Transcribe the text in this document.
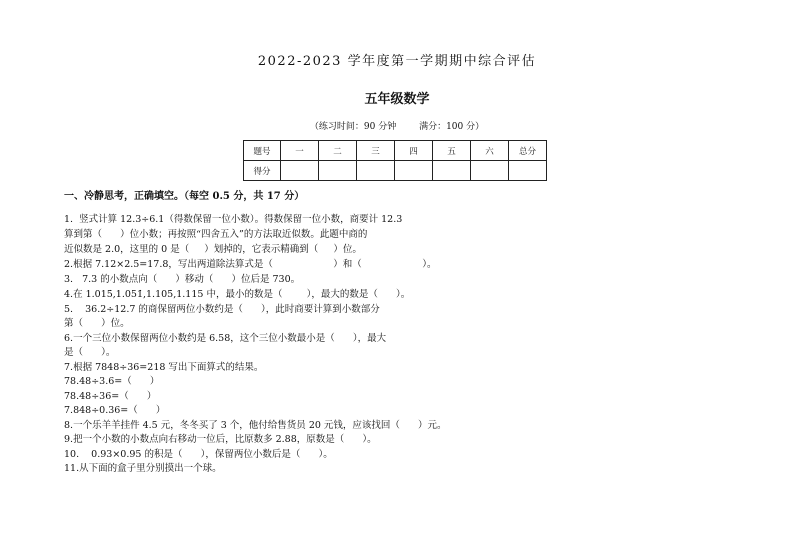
2022-2023 学年度第一学期期中综合评估
五年级数学
（练习时间：90 分钟        满分：100 分）
题号	一	二	三	四	五	六	总分
得分							
一、冷静思考，正确填空。（每空 0.5 分，共 17 分）
1.  竖式计算 12.3÷6.1（得数保留一位小数）。得数保留一位小数，商要计 12.3
算到第（      ）位小数；再按照“四舍五入”的方法取近似数。此题中商的
近似数是 2.0，这里的 0 是（     ）划掉的，它表示精确到（     ）位。
2.根据 7.12×2.5=17.8，写出两道除法算式是（                    ）和（                    ）。
3.   7.3 的小数点向（      ）移动（      ）位后是 730。
4.在 1.015̇,1.051̇,1.105̇,1.115 中，最小的数是（        ），最大的数是（      ）。
5.    36.2÷12.7 的商保留两位小数约是（      ），此时商要计算到小数部分
第（      ）位。
6.一个三位小数保留两位小数约是 6.58，这个三位小数最小是（      ），最大
是（      ）。
7.根据 7848÷36=218 写出下面算式的结果。
78.48÷3.6=（      ）
78.48÷36=（      ）
7.848÷0.36=（      ）
8.一个乐羊羊挂件 4.5 元，冬冬买了 3 个，他付给售货员 20 元钱，应该找回（      ）元。
9.把一个小数的小数点向右移动一位后，比原数多 2.88，原数是（      ）。
10.    0.93×0.95 的积是（      ），保留两位小数后是（      ）。
11.从下面的盒子里分别摸出一个球。
